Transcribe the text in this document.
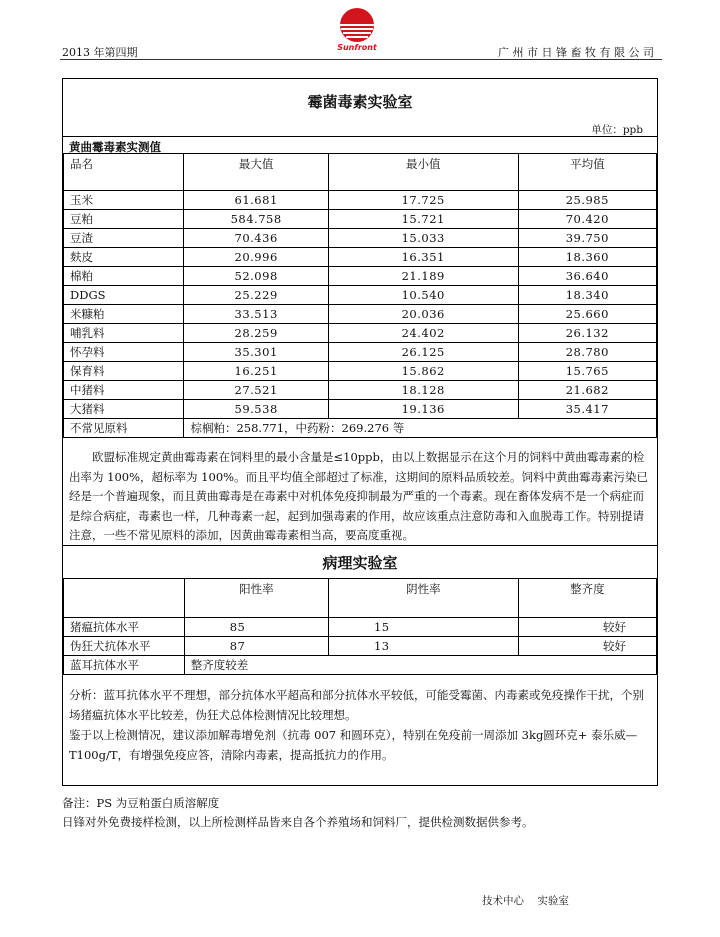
2013 年第四期	Sunfront	广 州 市 日 锋 畜 牧 有 限 公 司
霉菌毒素实验室
单位：ppb
黄曲霉毒素实测值
品名	最大值	最小值	平均值
玉米	61.681	17.725	25.985
豆粕	584.758	15.721	70.420
豆渣	70.436	15.033	39.750
麸皮	20.996	16.351	18.360
棉粕	52.098	21.189	36.640
DDGS	25.229	10.540	18.340
米糠粕	33.513	20.036	25.660
哺乳料	28.259	24.402	26.132
怀孕料	35.301	26.125	28.780
保育料	16.251	15.862	15.765
中猪料	27.521	18.128	21.682
大猪料	59.538	19.136	35.417
不常见原料	棕榈粕：258.771，中药粉：269.276 等		
欧盟标准规定黄曲霉毒素在饲料里的最小含量是≤10ppb，由以上数据显示在这个月的饲料中黄曲霉毒素的检出率为 100%，超标率为 100%。而且平均值全部超过了标准，这期间的原料品质较差。饲料中黄曲霉毒素污染已经是一个普遍现象，而且黄曲霉毒是在毒素中对机体免疫抑制最为严重的一个毒素。现在畜体发病不是一个病症而是综合病症，毒素也一样，几种毒素一起，起到加强毒素的作用，故应该重点注意防毒和入血脱毒工作。特别提请注意，一些不常见原料的添加，因黄曲霉毒素相当高，要高度重视。
病理实验室
	阳性率	阴性率	整齐度
猪瘟抗体水平	85	15	较好
伪狂犬抗体水平	87	13	较好
蓝耳抗体水平	整齐度较差		
分析：蓝耳抗体水平不理想，部分抗体水平超高和部分抗体水平较低，可能受霉菌、内毒素或免疫操作干扰，个别场猪瘟抗体水平比较差，伪狂犬总体检测情况比较理想。
鉴于以上检测情况，建议添加解毒增免剂（抗毒 007 和圆环克），特别在免疫前一周添加 3kg圆环克+ 泰乐威—T100g/T，有增强免疫应答，清除内毒素，提高抵抗力的作用。
备注：PS 为豆粕蛋白质溶解度
日锋对外免费接样检测，以上所检测样品皆来自各个养殖场和饲料厂，提供检测数据供参考。
技术中心    实验室
